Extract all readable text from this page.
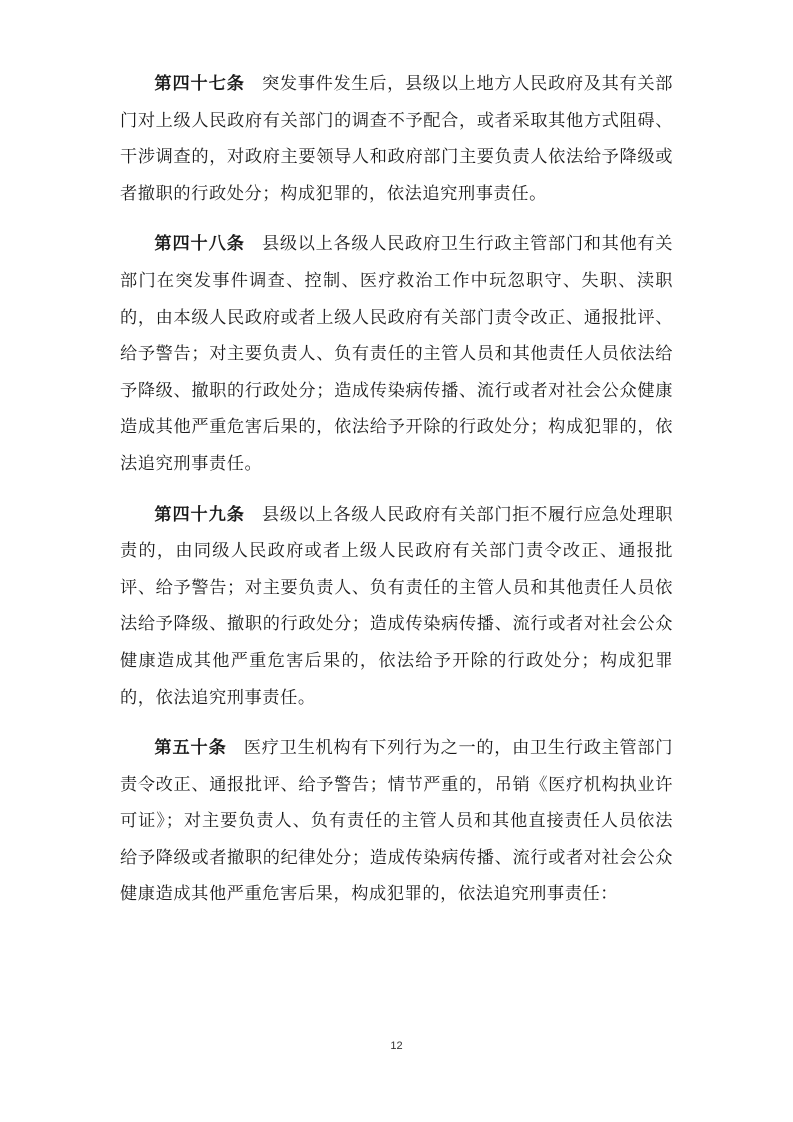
第四十七条 突发事件发生后，县级以上地方人民政府及其有关部门对上级人民政府有关部门的调查不予配合，或者采取其他方式阻碍、干涉调查的，对政府主要领导人和政府部门主要负责人依法给予降级或者撤职的行政处分；构成犯罪的，依法追究刑事责任。

第四十八条 县级以上各级人民政府卫生行政主管部门和其他有关部门在突发事件调查、控制、医疗救治工作中玩忽职守、失职、渎职的，由本级人民政府或者上级人民政府有关部门责令改正、通报批评、给予警告；对主要负责人、负有责任的主管人员和其他责任人员依法给予降级、撤职的行政处分；造成传染病传播、流行或者对社会公众健康造成其他严重危害后果的，依法给予开除的行政处分；构成犯罪的，依法追究刑事责任。

第四十九条 县级以上各级人民政府有关部门拒不履行应急处理职责的，由同级人民政府或者上级人民政府有关部门责令改正、通报批评、给予警告；对主要负责人、负有责任的主管人员和其他责任人员依法给予降级、撤职的行政处分；造成传染病传播、流行或者对社会公众健康造成其他严重危害后果的，依法给予开除的行政处分；构成犯罪的，依法追究刑事责任。

第五十条 医疗卫生机构有下列行为之一的，由卫生行政主管部门责令改正、通报批评、给予警告；情节严重的，吊销《医疗机构执业许可证》；对主要负责人、负有责任的主管人员和其他直接责任人员依法给予降级或者撤职的纪律处分；造成传染病传播、流行或者对社会公众健康造成其他严重危害后果，构成犯罪的，依法追究刑事责任：

12
